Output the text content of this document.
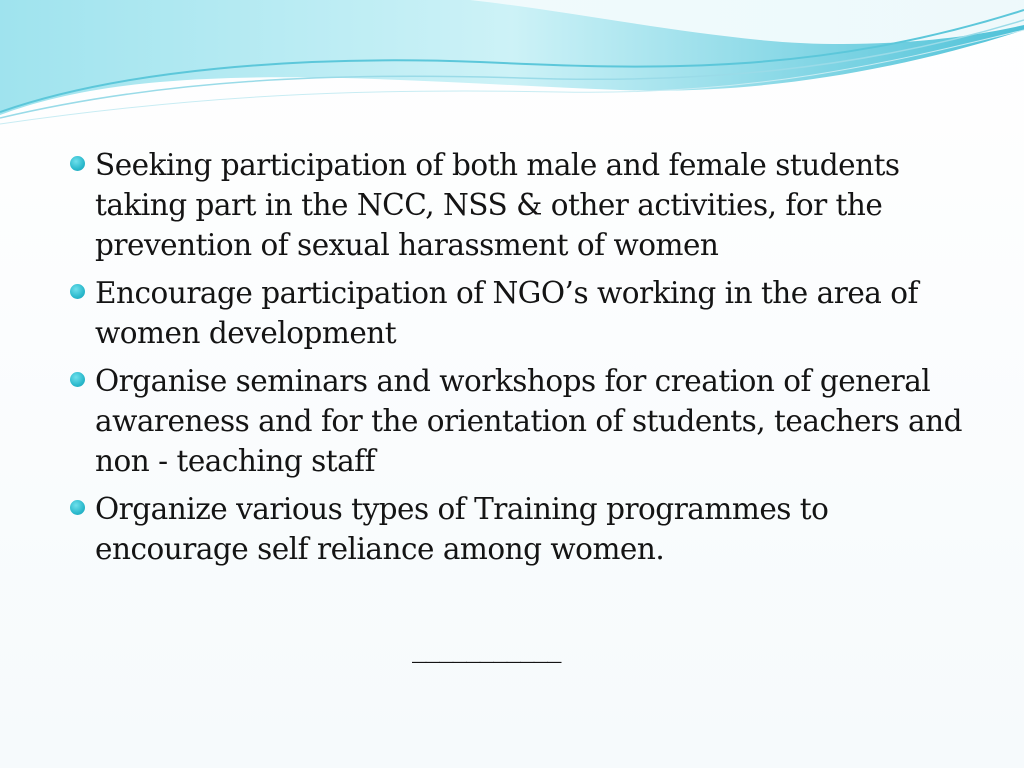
Seeking participation of both male and female students taking part in the NCC, NSS & other activities, for the prevention of sexual harassment of women
Encourage participation of NGO’s working in the area of women development
Organise seminars and workshops for creation of general awareness and for the orientation of students, teachers and non - teaching staff
Organize various types of Training programmes to encourage self reliance among women.
___________
